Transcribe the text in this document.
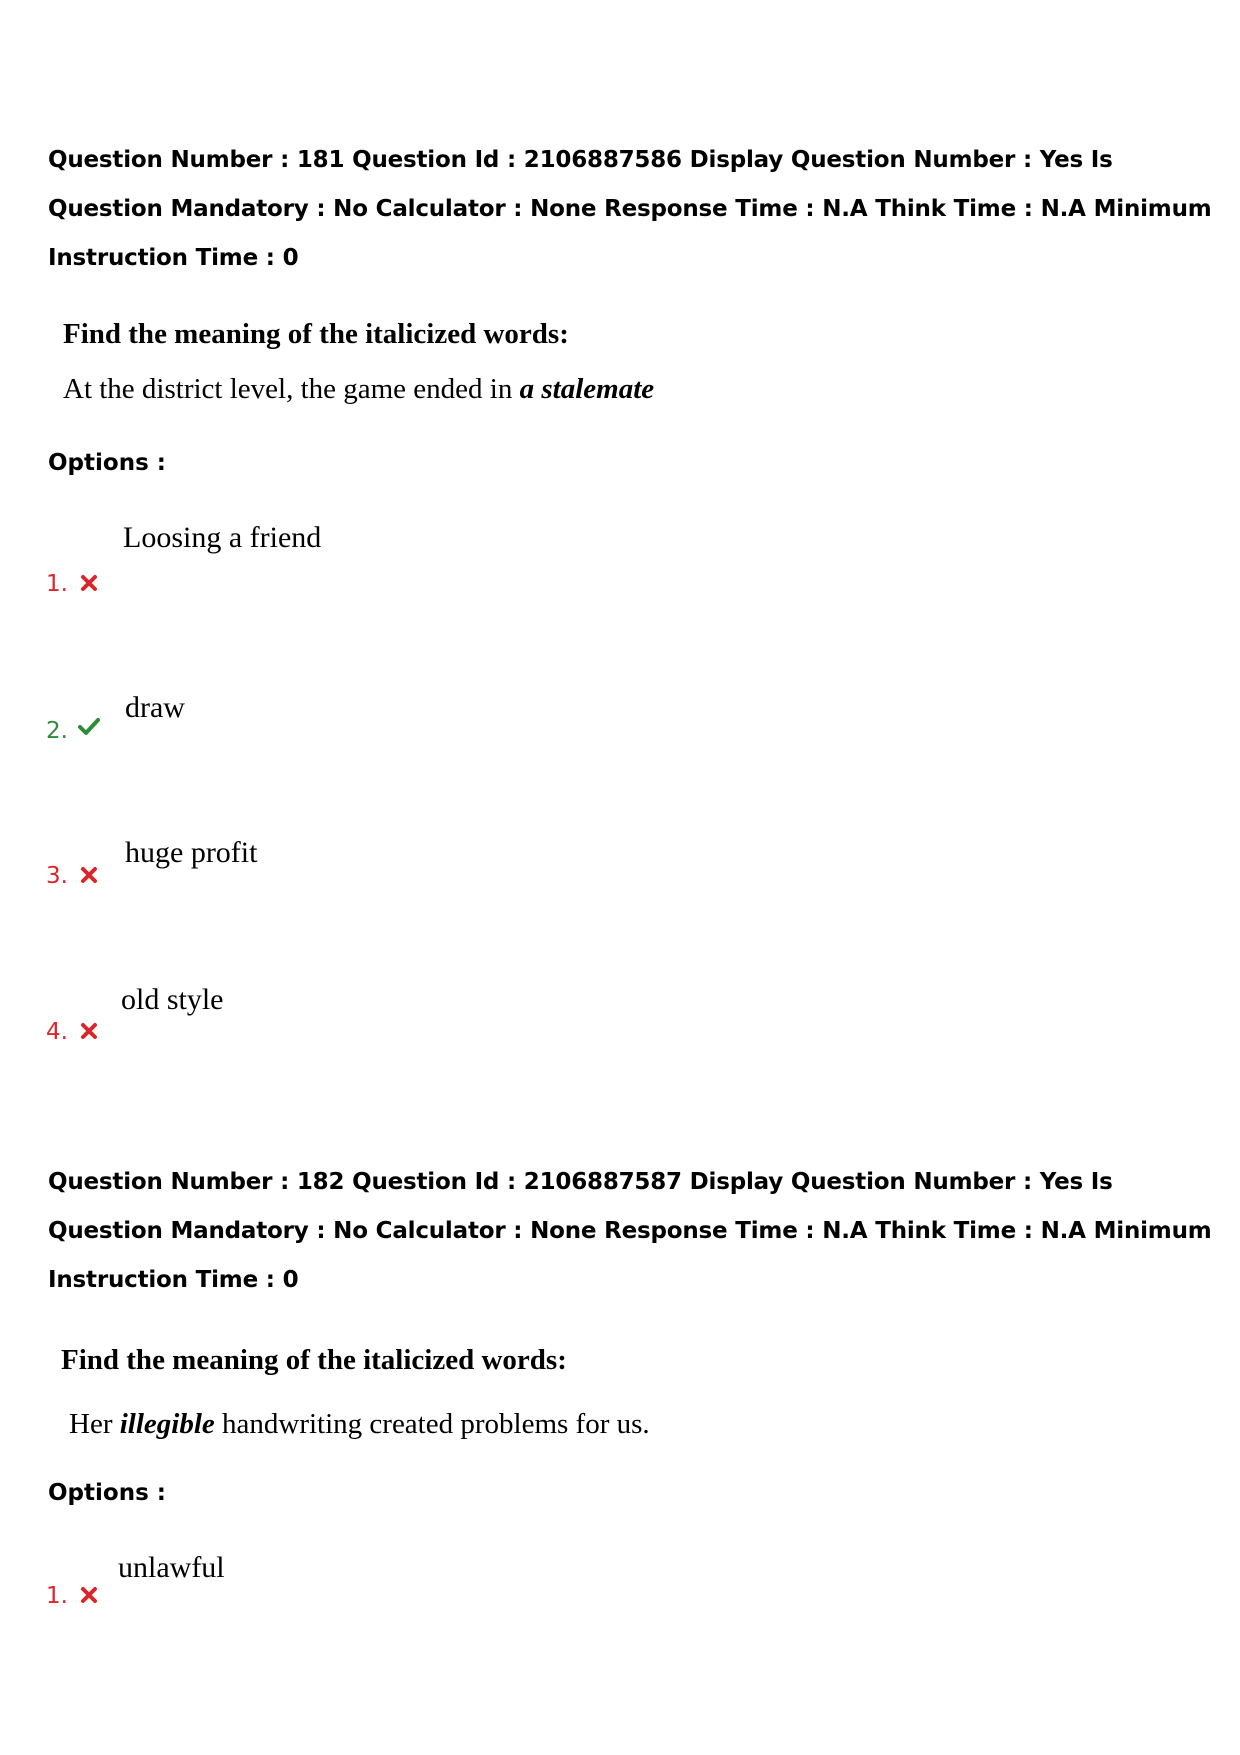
Question Number : 181 Question Id : 2106887586 Display Question Number : Yes Is Question Mandatory : No Calculator : None Response Time : N.A Think Time : N.A Minimum Instruction Time : 0
Find the meaning of the italicized words:
At the district level, the game ended in a stalemate
Options :
1.
Loosing a friend
2.
draw
3.
huge profit
4.
old style
Question Number : 182 Question Id : 2106887587 Display Question Number : Yes Is Question Mandatory : No Calculator : None Response Time : N.A Think Time : N.A Minimum Instruction Time : 0
Find the meaning of the italicized words:
Her illegible handwriting created problems for us.
Options :
1.
unlawful
